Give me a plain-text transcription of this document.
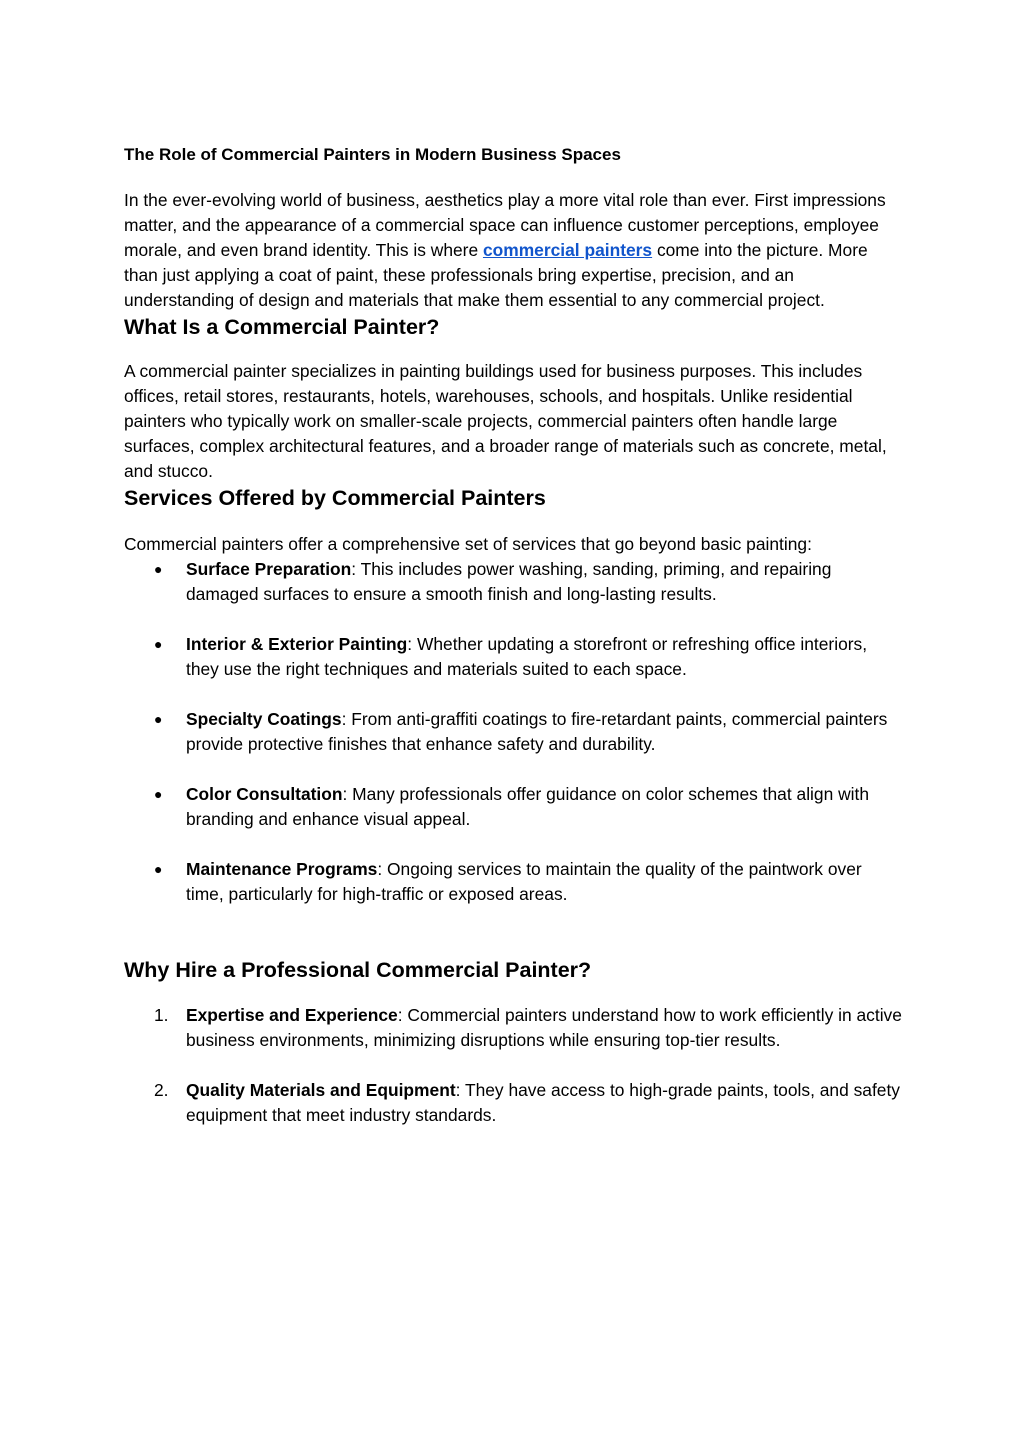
The Role of Commercial Painters in Modern Business Spaces

In the ever-evolving world of business, aesthetics play a more vital role than ever. First impressions matter, and the appearance of a commercial space can influence customer perceptions, employee morale, and even brand identity. This is where commercial painters come into the picture. More than just applying a coat of paint, these professionals bring expertise, precision, and an understanding of design and materials that make them essential to any commercial project.

What Is a Commercial Painter?

A commercial painter specializes in painting buildings used for business purposes. This includes offices, retail stores, restaurants, hotels, warehouses, schools, and hospitals. Unlike residential painters who typically work on smaller-scale projects, commercial painters often handle large surfaces, complex architectural features, and a broader range of materials such as concrete, metal, and stucco.

Services Offered by Commercial Painters

Commercial painters offer a comprehensive set of services that go beyond basic painting:

●	Surface Preparation: This includes power washing, sanding, priming, and repairing damaged surfaces to ensure a smooth finish and long-lasting results.
●	Interior & Exterior Painting: Whether updating a storefront or refreshing office interiors, they use the right techniques and materials suited to each space.
●	Specialty Coatings: From anti-graffiti coatings to fire-retardant paints, commercial painters provide protective finishes that enhance safety and durability.
●	Color Consultation: Many professionals offer guidance on color schemes that align with branding and enhance visual appeal.
●	Maintenance Programs: Ongoing services to maintain the quality of the paintwork over time, particularly for high-traffic or exposed areas.
Why Hire a Professional Commercial Painter?
1. Expertise and Experience: Commercial painters understand how to work efficiently in active business environments, minimizing disruptions while ensuring top-tier results.
2. Quality Materials and Equipment: They have access to high-grade paints, tools, and safety equipment that meet industry standards.
